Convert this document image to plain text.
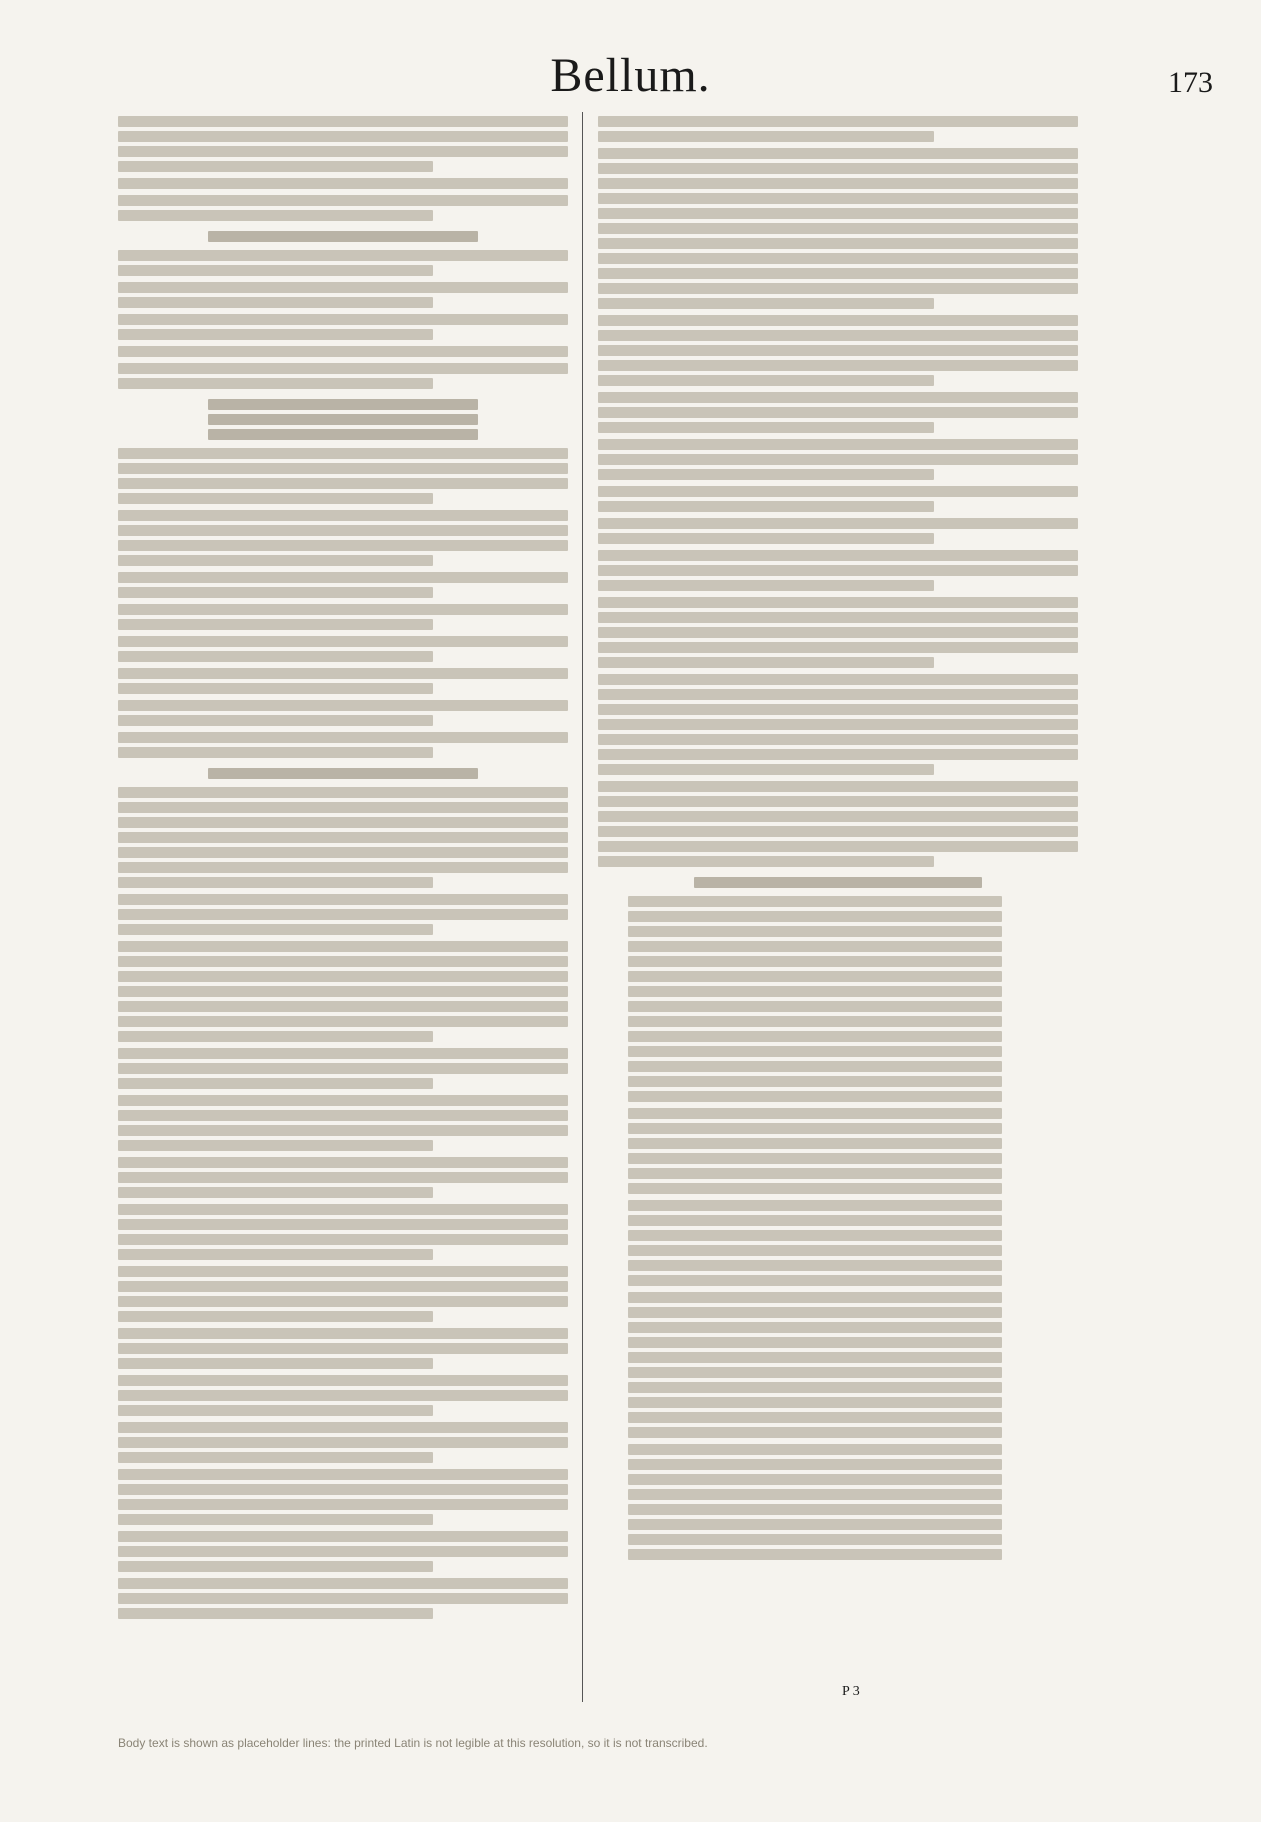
Bellum.	173
P 3
Body text is shown as placeholder lines: the printed Latin is not legible at this resolution, so it is not transcribed.
